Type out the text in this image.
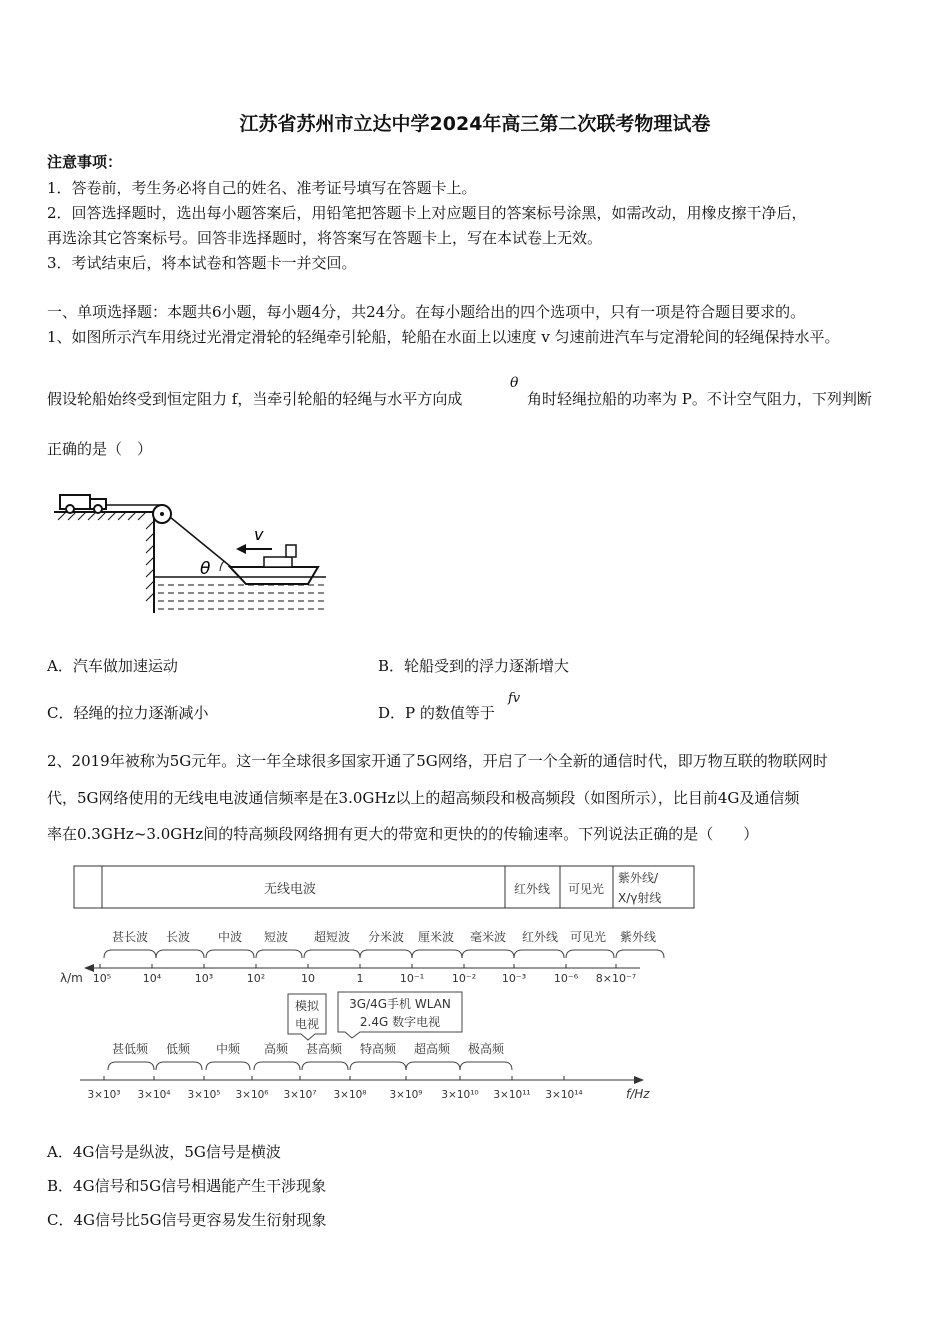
江苏省苏州市立达中学2024年高三第二次联考物理试卷
注意事项：
1．答卷前，考生务必将自己的姓名、准考证号填写在答题卡上。
2．回答选择题时，选出每小题答案后，用铅笔把答题卡上对应题目的答案标号涂黑，如需改动，用橡皮擦干净后，
再选涂其它答案标号。回答非选择题时，将答案写在答题卡上，写在本试卷上无效。
3．考试结束后，将本试卷和答题卡一并交回。
一、单项选择题：本题共6小题，每小题4分，共24分。在每小题给出的四个选项中，只有一项是符合题目要求的。
1、如图所示汽车用绕过光滑定滑轮的轻绳牵引轮船，轮船在水面上以速度 v 匀速前进汽车与定滑轮间的轻绳保持水平。
假设轮船始终受到恒定阻力 f，当牵引轮船的轻绳与水平方向成
θ
角时轻绳拉船的功率为 P。不计空气阻力，下列判断
正确的是（　）
θ
v
A．汽车做加速运动	B．轮船受到的浮力逐渐增大
C．轻绳的拉力逐渐减小	D．P 的数值等于
fv
2、2019年被称为5G元年。这一年全球很多国家开通了5G网络，开启了一个全新的通信时代，即万物互联的物联网时
代，5G网络使用的无线电电波通信频率是在3.0GHz以上的超高频段和极高频段（如图所示），比目前4G及通信频
率在0.3GHz~3.0GHz间的特高频段网络拥有更大的带宽和更快的的传输速率。下列说法正确的是（　　）
无线电波	红外线 可见光
紫外线/
X/γ射线
甚长波 长波 中波 短波 超短波 分米波 厘米波 毫米波 红外线 可见光 紫外线
λ/m 10⁵	10⁴	10³	10²	10	1	10⁻¹	10⁻² 10⁻³	10⁻⁶ 8×10⁻⁷
模拟
电视
3G/4G手机 WLAN
2.4G 数字电视
甚低频 低频 中频 高频 甚高频 特高频 超高频 极高频
3×10³ 3×10⁴ 3×10⁵ 3×10⁶ 3×10⁷ 3×10⁸ 3×10⁹ 3×10¹⁰ 3×10¹¹ 3×10¹⁴	f/Hz
A．4G信号是纵波，5G信号是横波
B．4G信号和5G信号相遇能产生干涉现象
C．4G信号比5G信号更容易发生衍射现象
